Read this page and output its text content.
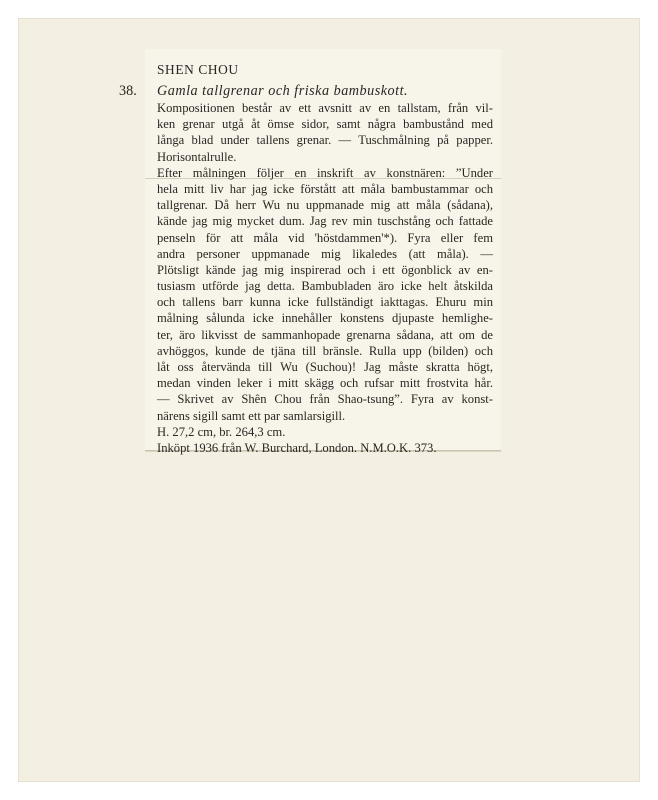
SHEN CHOU
38. Gamla tallgrenar och friska bambuskott.
Kompositionen består av ett avsnitt av en tallstam, från vil-
ken grenar utgå åt ömse sidor, samt några bambustånd med
långa blad under tallens grenar. — Tuschmålning på papper.
Horisontalrulle.
Efter målningen följer en inskrift av konstnären: ”Under
hela mitt liv har jag icke förstått att måla bambustammar och
tallgrenar. Då herr Wu nu uppmanade mig att måla (sådana),
kände jag mig mycket dum. Jag rev min tuschstång och fattade
penseln för att måla vid 'höstdammen'*). Fyra eller fem
andra personer uppmanade mig likaledes (att måla). —
Plötsligt kände jag mig inspirerad och i ett ögonblick av en-
tusiasm utförde jag detta. Bambubladen äro icke helt åtskilda
och tallens barr kunna icke fullständigt iakttagas. Ehuru min
målning sålunda icke innehåller konstens djupaste hemlighe-
ter, äro likvisst de sammanhopade grenarna sådana, att om de
avhöggos, kunde de tjäna till bränsle. Rulla upp (bilden) och
låt oss återvända till Wu (Suchou)! Jag måste skratta högt,
medan vinden leker i mitt skägg och rufsar mitt frostvita hår.
— Skrivet av Shên Chou från Shao-tsung”. Fyra av konst-
närens sigill samt ett par samlarsigill.
H. 27,2 cm, br. 264,3 cm.
Inköpt 1936 från W. Burchard, London. N.M.O.K. 373.
